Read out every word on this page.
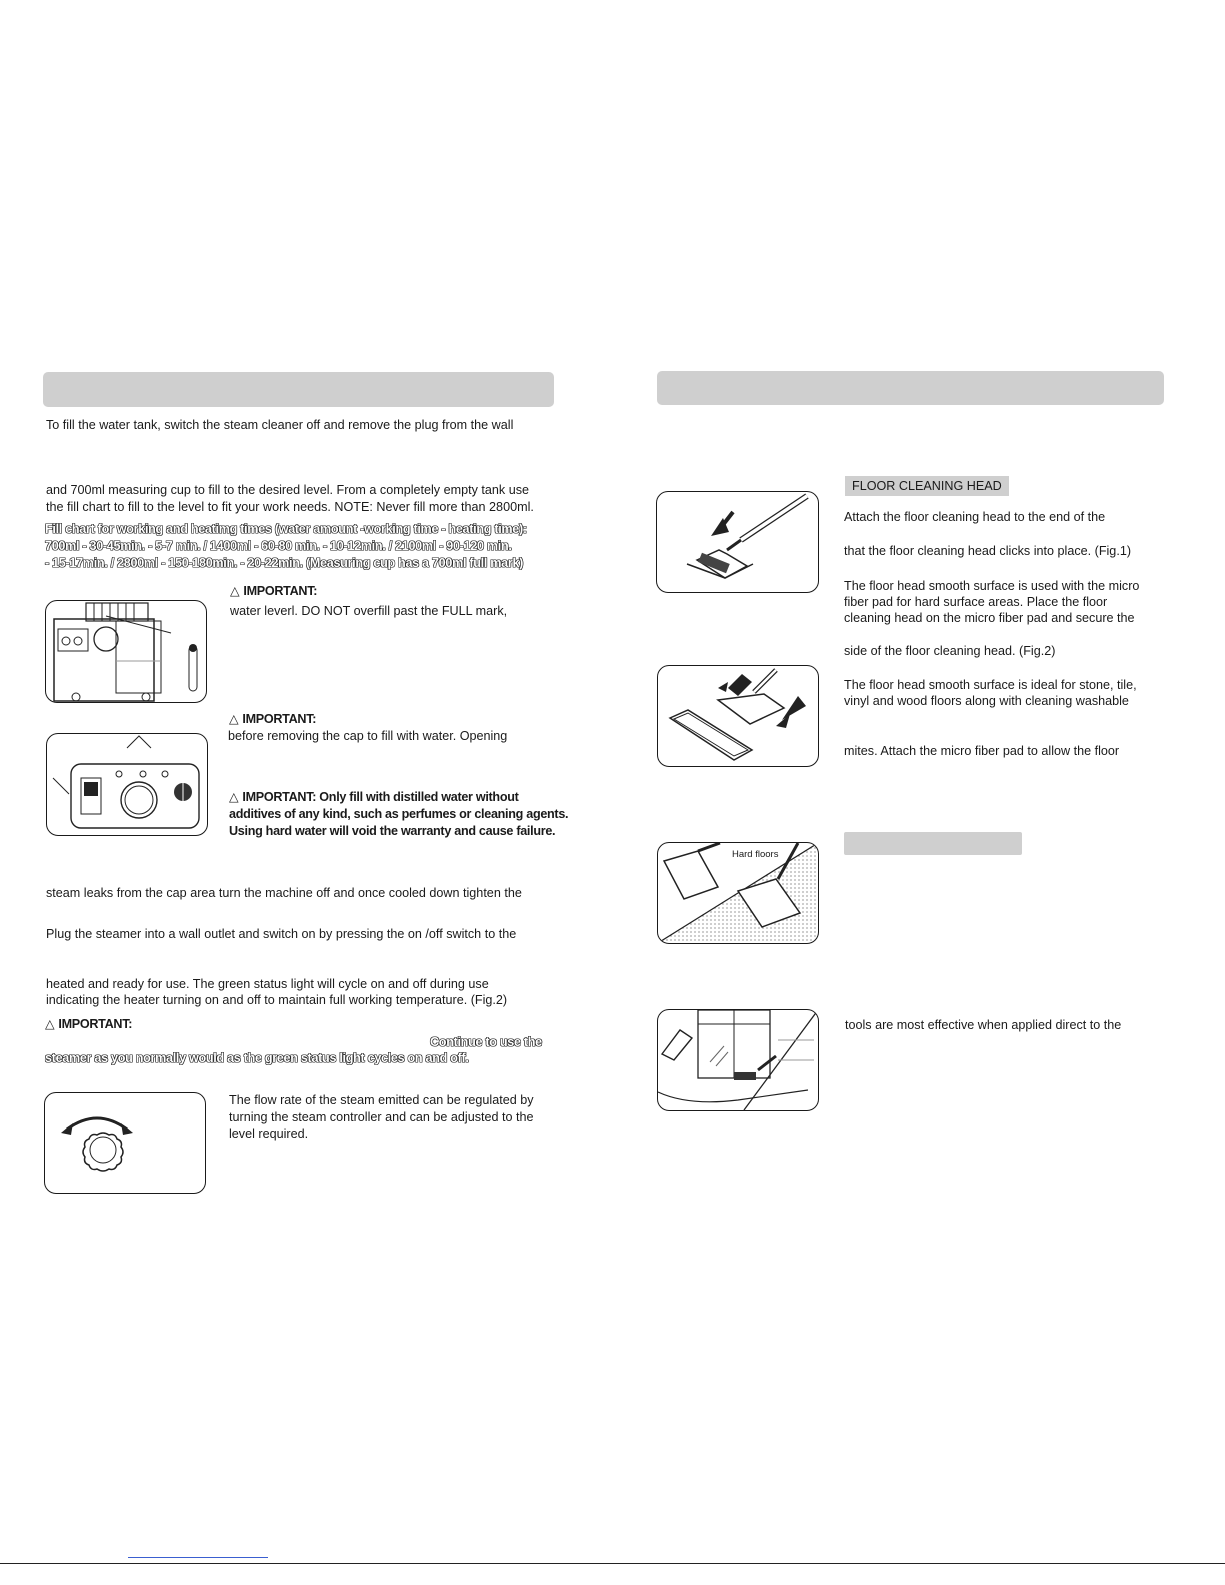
To fill the water tank, switch the steam cleaner off and remove the plug from the wall
and 700ml measuring cup to fill to the desired level. From a completely empty tank use
the fill chart to fill to the level to fit your work needs. NOTE: Never fill more than 2800ml.
Fill chart for working and heatimg times (water amount -working time - heating time):
700ml - 30-45min. - 5-7 min. / 1400ml - 60-80 min. - 10-12min. / 2100ml - 90-120 min.
- 15-17min. / 2800ml - 150-180min. - 20-22min. (Measuring cup has a 700ml full mark)
△ IMPORTANT:
water leverl. DO NOT overfill past the FULL mark,
△ IMPORTANT:
before removing the cap to fill with water. Opening
△ IMPORTANT: Only fill with distilled water without
additives of any kind, such as perfumes or cleaning agents.
Using hard water will void the warranty and cause failure.
steam leaks from the cap area turn the machine off and once cooled down tighten the
Plug the steamer into a wall outlet and switch on by pressing the on /off switch to the
heated and ready for use. The green status light will cycle on and off during use
indicating the heater turning on and off to maintain full working temperature. (Fig.2)
△ IMPORTANT:
Continue to use the
steamer as you normally would as the green status light cycles on and off.
The flow rate of the steam emitted can be regulated by
turning the steam controller and can be adjusted to the
level required.
FLOOR CLEANING HEAD
Attach the floor cleaning head to the end of the
that the floor cleaning head clicks into place. (Fig.1)
The floor head smooth surface is used with the micro
fiber pad for hard surface areas. Place the floor
cleaning head on the micro fiber pad and secure the
side of the floor cleaning head. (Fig.2)
The floor head smooth surface is ideal for stone, tile,
vinyl and wood floors along with cleaning washable
mites. Attach the micro fiber pad to allow the floor
Hard floors
tools are most effective when applied direct to the
